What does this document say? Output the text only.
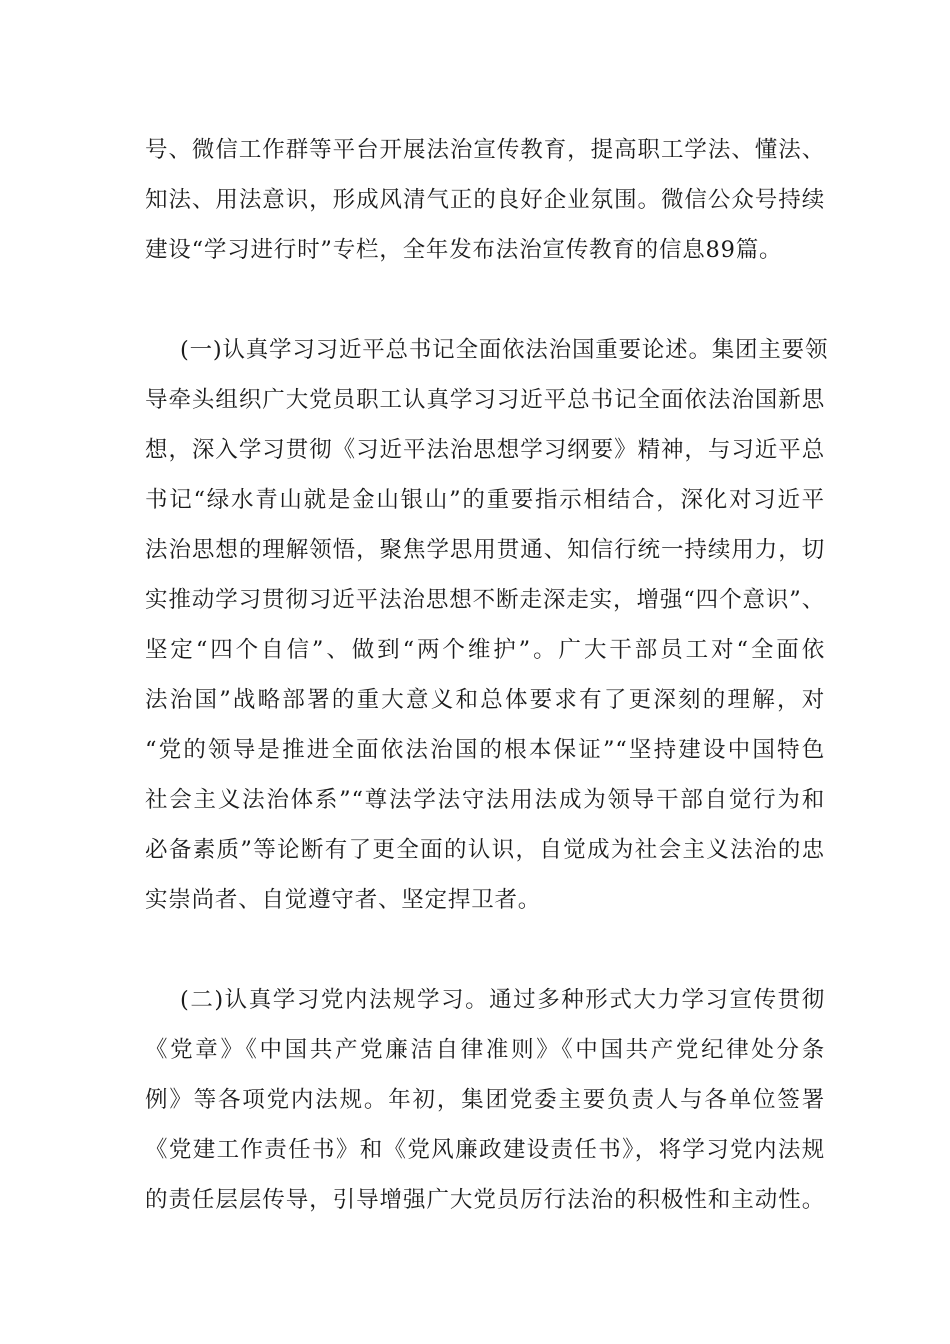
号、微信工作群等平台开展法治宣传教育，提高职工学法、懂法、
知法、用法意识，形成风清气正的良好企业氛围。微信公众号持续
建设“学习进行时”专栏，全年发布法治宣传教育的信息89篇。
(一)认真学习习近平总书记全面依法治国重要论述。集团主要领
导牵头组织广大党员职工认真学习习近平总书记全面依法治国新思
想，深入学习贯彻《习近平法治思想学习纲要》精神，与习近平总
书记“绿水青山就是金山银山”的重要指示相结合，深化对习近平
法治思想的理解领悟，聚焦学思用贯通、知信行统一持续用力，切
实推动学习贯彻习近平法治思想不断走深走实，增强“四个意识”、
坚定“四个自信”、做到“两个维护”。广大干部员工对“全面依
法治国”战略部署的重大意义和总体要求有了更深刻的理解，对
“党的领导是推进全面依法治国的根本保证”“坚持建设中国特色
社会主义法治体系”“尊法学法守法用法成为领导干部自觉行为和
必备素质”等论断有了更全面的认识，自觉成为社会主义法治的忠
实崇尚者、自觉遵守者、坚定捍卫者。
(二)认真学习党内法规学习。通过多种形式大力学习宣传贯彻
《党章》《中国共产党廉洁自律准则》《中国共产党纪律处分条
例》等各项党内法规。年初，集团党委主要负责人与各单位签署
《党建工作责任书》和《党风廉政建设责任书》，将学习党内法规
的责任层层传导，引导增强广大党员厉行法治的积极性和主动性。
